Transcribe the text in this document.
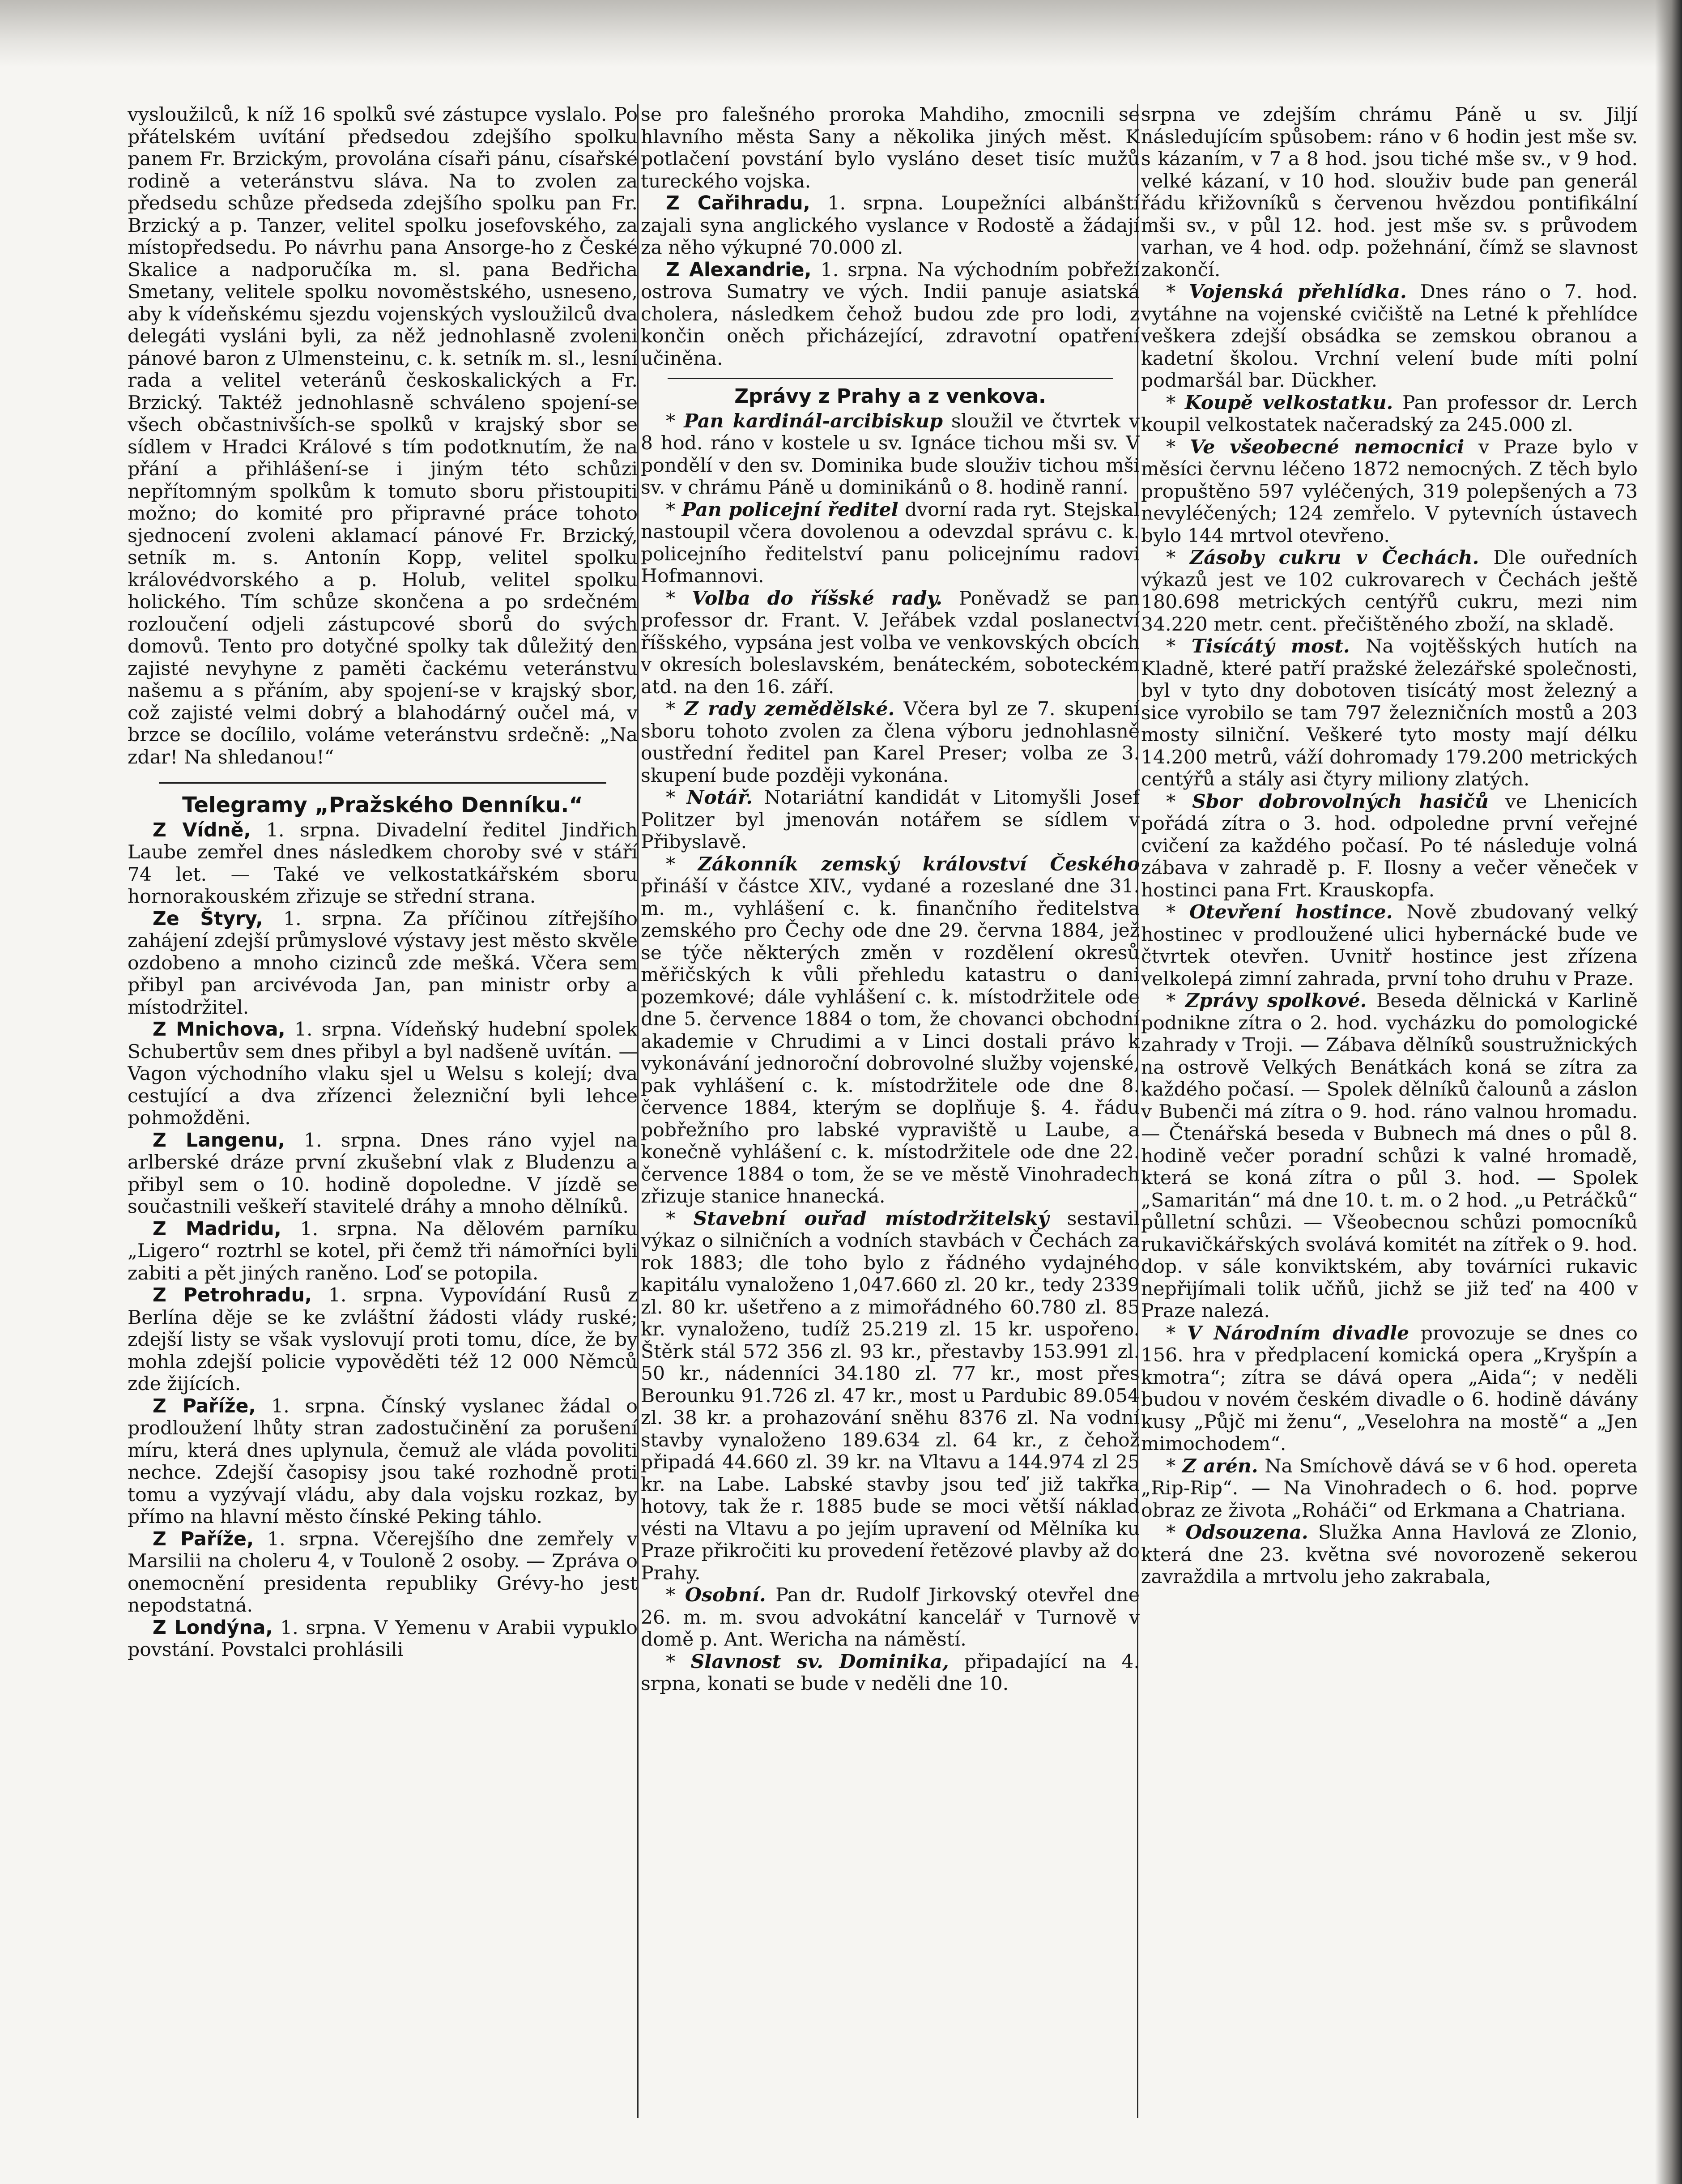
vysloužilců, k níž 16 spolků své zástupce vyslalo. Po přátelském uvítání předsedou zdejšího spolku panem Fr. Brzickým, provolána císaři pánu, císařské rodině a veteránstvu sláva. Na to zvolen za předsedu schůze předseda zdejšího spolku pan Fr. Brzický a p. Tanzer, velitel spolku josefovského, za místopředsedu. Po návrhu pana Ansorge-ho z České Skalice a nadporučíka m. sl. pana Bedřicha Smetany, velitele spolku novoměstského, usneseno, aby k vídeňskému sjezdu vojenských vysloužilců dva delegáti vysláni byli, za něž jednohlasně zvoleni pánové baron z Ulmensteinu, c. k. setník m. sl., lesní rada a velitel veteránů českoskalických a Fr. Brzický. Taktéž jednohlasně schváleno spojení-se všech občastnivších-se spolků v krajský sbor se sídlem v Hradci Králové s tím podotknutím, že na přání a přihlášení-se i jiným této schůzi nepřítomným spolkům k tomuto sboru přistoupiti možno; do komité pro připravné práce tohoto sjednocení zvoleni aklamací pánové Fr. Brzický, setník m. s. Antonín Kopp, velitel spolku královédvorského a p. Holub, velitel spolku holického. Tím schůze skončena a po srdečném rozloučení odjeli zástupcové sborů do svých domovů. Tento pro dotyčné spolky tak důležitý den zajisté nevyhyne z paměti čackému veteránstvu našemu a s přáním, aby spojení-se v krajský sbor, což zajisté velmi dobrý a blahodárný oučel má, v brzce se docílilo, voláme veteránstvu srdečně: „Na zdar! Na shledanou!“

Telegramy „Pražského Denníku.“

Z Vídně, 1. srpna. Divadelní ředitel Jindřich Laube zemřel dnes následkem choroby své v stáří 74 let. — Také ve velkostatkářském sboru hornorakouském zřizuje se střední strana.

Ze Štyry, 1. srpna. Za příčinou zítřejšího zahájení zdejší průmyslové výstavy jest město skvěle ozdobeno a mnoho cizinců zde mešká. Včera sem přibyl pan arcivévoda Jan, pan ministr orby a místodržitel.

Z Mnichova, 1. srpna. Vídeňský hudební spolek Schubertův sem dnes přibyl a byl nadšeně uvítán. — Vagon východního vlaku sjel u Welsu s kolejí; dva cestující a dva zřízenci železniční byli lehce pohmožděni.

Z Langenu, 1. srpna. Dnes ráno vyjel na arlberské dráze první zkušební vlak z Bludenzu a přibyl sem o 10. hodině dopoledne. V jízdě se součastnili veškeří stavitelé dráhy a mnoho dělníků.

Z Madridu, 1. srpna. Na dělovém parníku „Ligero“ roztrhl se kotel, při čemž tři námořníci byli zabiti a pět jiných raněno. Loď se potopila.

Z Petrohradu, 1. srpna. Vypovídání Rusů z Berlína děje se ke zvláštní žádosti vlády ruské; zdejší listy se však vyslovují proti tomu, díce, že by mohla zdejší policie vypověděti též 12 000 Němců zde žijících.

Z Paříže, 1. srpna. Čínský vyslanec žádal o prodloužení lhůty stran zadostučinění za porušení míru, která dnes uplynula, čemuž ale vláda povoliti nechce. Zdejší časopisy jsou také rozhodně proti tomu a vyzývají vládu, aby dala vojsku rozkaz, by přímo na hlavní město čínské Peking táhlo.

Z Paříže, 1. srpna. Včerejšího dne zemřely v Marsilii na choleru 4, v Touloně 2 osoby. — Zpráva o onemocnění presidenta republiky Grévy-ho jest nepodstatná.

Z Londýna, 1. srpna. V Yemenu v Arabii vypuklo povstání. Povstalci prohlásili

se pro falešného proroka Mahdiho, zmocnili se hlavního města Sany a několika jiných měst. K potlačení povstání bylo vysláno deset tisíc mužů tureckého vojska.

Z Cařihradu, 1. srpna. Loupežníci albánští zajali syna anglického vyslance v Rodostě a žádají za něho výkupné 70.000 zl.

Z Alexandrie, 1. srpna. Na východním pobřeží ostrova Sumatry ve vých. Indii panuje asiatská cholera, následkem čehož budou zde pro lodi, z končin oněch přicházející, zdravotní opatření učiněna.

Zprávy z Prahy a z venkova.

* Pan kardinál-arcibiskup sloužil ve čtvrtek v 8 hod. ráno v kostele u sv. Ignáce tichou mši sv. V pondělí v den sv. Dominika bude slouživ tichou mši sv. v chrámu Páně u dominikánů o 8. hodině ranní.

* Pan policejní ředitel dvorní rada ryt. Stejskal nastoupil včera dovolenou a odevzdal správu c. k. policejního ředitelství panu policejnímu radovi Hofmannovi.

* Volba do říšské rady. Poněvadž se pan professor dr. Frant. V. Jeřábek vzdal poslanectví říšského, vypsána jest volba ve venkovských obcích v okresích boleslavském, benáteckém, soboteckém atd. na den 16. září.

* Z rady zemědělské. Včera byl ze 7. skupení sboru tohoto zvolen za člena výboru jednohlasně oustřední ředitel pan Karel Preser; volba ze 3. skupení bude později vykonána.

* Notář. Notariátní kandidát v Litomyšli Josef Politzer byl jmenován notářem se sídlem v Přibyslavě.

* Zákonník zemský království Českého přináší v částce XIV., vydané a rozeslané dne 31. m. m., vyhlášení c. k. finančního ředitelstva zemského pro Čechy ode dne 29. června 1884, jež se týče některých změn v rozdělení okresů měřičských k vůli přehledu katastru o dani pozemkové; dále vyhlášení c. k. místodržitele ode dne 5. července 1884 o tom, že chovanci obchodní akademie v Chrudimi a v Linci dostali právo k vykonávání jednoroční dobrovolné služby vojenské, pak vyhlášení c. k. místodržitele ode dne 8. července 1884, kterým se doplňuje §. 4. řádu pobřežního pro labské vypraviště u Laube, a konečně vyhlášení c. k. místodržitele ode dne 22. července 1884 o tom, že se ve městě Vinohradech zřizuje stanice hnanecká.

* Stavební ouřad místodržitelský sestavil výkaz o silničních a vodních stavbách v Čechách za rok 1883; dle toho bylo z řádného vydajného kapitálu vynaloženo 1,047.660 zl. 20 kr., tedy 2339 zl. 80 kr. ušetřeno a z mimořádného 60.780 zl. 85 kr. vynaloženo, tudíž 25.219 zl. 15 kr. uspořeno. Štěrk stál 572 356 zl. 93 kr., přestavby 153.991 zl. 50 kr., nádenníci 34.180 zl. 77 kr., most přes Berounku 91.726 zl. 47 kr., most u Pardubic 89.054 zl. 38 kr. a prohazování sněhu 8376 zl. Na vodní stavby vynaloženo 189.634 zl. 64 kr., z čehož připadá 44.660 zl. 39 kr. na Vltavu a 144.974 zl 25 kr. na Labe. Labské stavby jsou teď již takřka hotovy, tak že r. 1885 bude se moci větší náklad vésti na Vltavu a po jejím upravení od Mělníka ku Praze přikročiti ku provedení řetězové plavby až do Prahy.

* Osobní. Pan dr. Rudolf Jirkovský otevřel dne 26. m. m. svou advokátní kancelář v Turnově v domě p. Ant. Wericha na náměstí.

* Slavnost sv. Dominika, připadající na 4. srpna, konati se bude v neděli dne 10.

srpna ve zdejším chrámu Páně u sv. Jiljí následujícím spůsobem: ráno v 6 hodin jest mše sv. s kázaním, v 7 a 8 hod. jsou tiché mše sv., v 9 hod. velké kázaní, v 10 hod. slouživ bude pan generál řádu křižovníků s červenou hvězdou pontifikální mši sv., v půl 12. hod. jest mše sv. s průvodem varhan, ve 4 hod. odp. požehnání, čímž se slavnost zakončí.

* Vojenská přehlídka. Dnes ráno o 7. hod. vytáhne na vojenské cvičiště na Letné k přehlídce veškera zdejší obsádka se zemskou obranou a kadetní školou. Vrchní velení bude míti polní podmaršál bar. Dückher.

* Koupě velkostatku. Pan professor dr. Lerch koupil velkostatek načeradský za 245.000 zl.

* Ve všeobecné nemocnici v Praze bylo v měsíci červnu léčeno 1872 nemocných. Z těch bylo propuštěno 597 vyléčených, 319 polepšených a 73 nevyléčených; 124 zemřelo. V pytevních ústavech bylo 144 mrtvol otevřeno.

* Zásoby cukru v Čechách. Dle ouředních výkazů jest ve 102 cukrovarech v Čechách ještě 180.698 metrických centýřů cukru, mezi nim 34.220 metr. cent. přečištěného zboží, na skladě.

* Tisícátý most. Na vojtěšských hutích na Kladně, které patří pražské železářské společnosti, byl v tyto dny dobotoven tisícátý most železný a sice vyrobilo se tam 797 železničních mostů a 203 mosty silniční. Veškeré tyto mosty mají délku 14.200 metrů, váží dohromady 179.200 metrických centýřů a stály asi čtyry miliony zlatých.

* Sbor dobrovolných hasičů ve Lhenicích pořádá zítra o 3. hod. odpoledne první veřejné cvičení za každého počasí. Po té následuje volná zábava v zahradě p. F. Ilosny a večer věneček v hostinci pana Frt. Krauskopfa.

* Otevření hostince. Nově zbudovaný velký hostinec v prodloužené ulici hybernácké bude ve čtvrtek otevřen. Uvnitř hostince jest zřízena velkolepá zimní zahrada, první toho druhu v Praze.

* Zprávy spolkové. Beseda dělnická v Karlině podnikne zítra o 2. hod. vycházku do pomologické zahrady v Troji. — Zábava dělníků soustružnických na ostrově Velkých Benátkách koná se zítra za každého počasí. — Spolek dělníků čalounů a záslon v Bubenči má zítra o 9. hod. ráno valnou hromadu. — Čtenářská beseda v Bubnech má dnes o půl 8. hodině večer poradní schůzi k valné hromadě, která se koná zítra o půl 3. hod. — Spolek „Samaritán“ má dne 10. t. m. o 2 hod. „u Petráčků“ půlletní schůzi. — Všeobecnou schůzi pomocníků rukavičkářských svolává komitét na zítřek o 9. hod. dop. v sále konviktském, aby továrníci rukavic nepřijímali tolik učňů, jichž se již teď na 400 v Praze nalezá.

* V Národním divadle provozuje se dnes co 156. hra v předplacení komická opera „Kryšpín a kmotra“; zítra se dává opera „Aida“; v neděli budou v novém českém divadle o 6. hodině dávány kusy „Půjč mi ženu“, „Veselohra na mostě“ a „Jen mimochodem“.

* Z arén. Na Smíchově dává se v 6 hod. opereta „Rip-Rip“. — Na Vinohradech o 6. hod. poprve obraz ze života „Roháči“ od Erkmana a Chatriana.

* Odsouzena. Služka Anna Havlová ze Zlonio, která dne 23. května své novorozeně sekerou zavraždila a mrtvolu jeho zakrabala,
